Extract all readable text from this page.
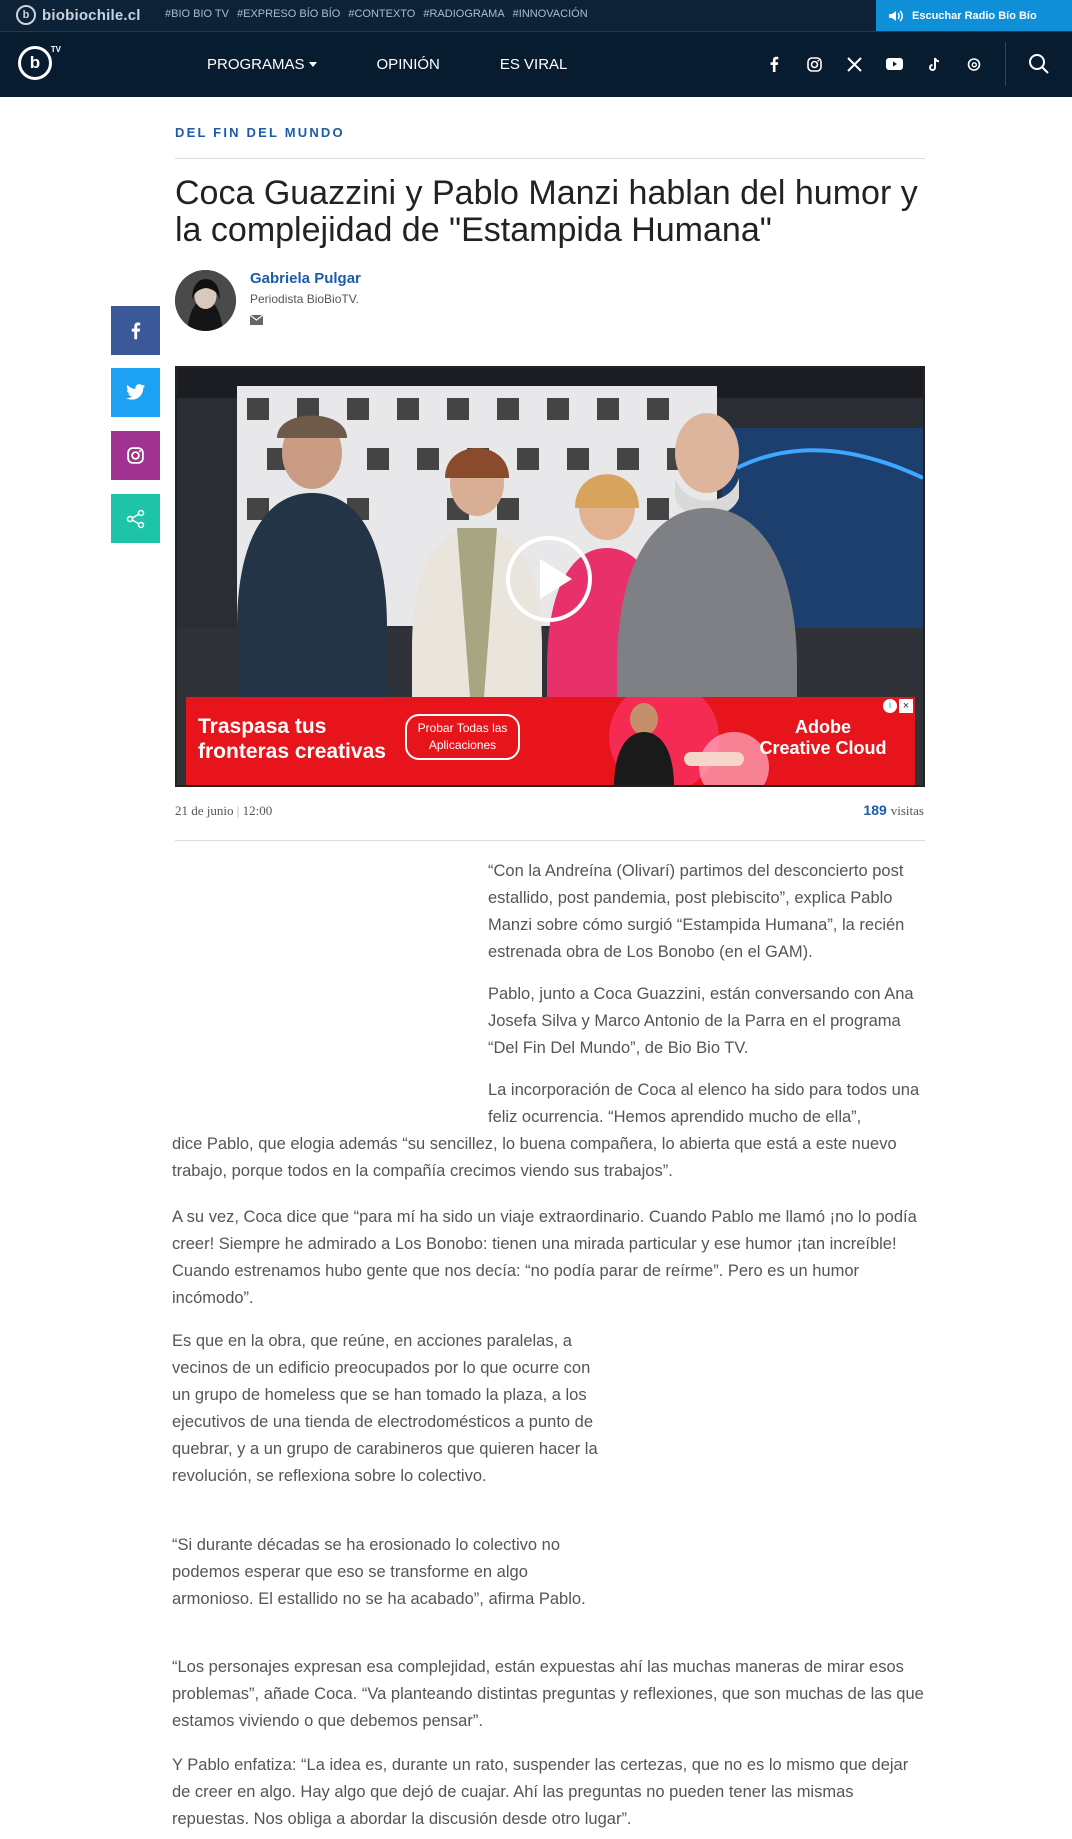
b biobiochile.cl #BIO BIO TV #EXPRESO BÍO BÍO #CONTEXTO #RADIOGRAMA #INNOVACIÓN	Escuchar Radio Bío Bío
b
$^{TV}$
PROGRAMAS	OPINIÓN	ES VIRAL
DEL FIN DEL MUNDO
Coca Guazzini y Pablo Manzi hablan del humor y la complejidad de "Estampida Humana"
Gabriela Pulgar
Periodista BioBioTV.
Traspasa tus
fronteras creativas
Probar Todas las Aplicaciones
Adobe
Creative Cloud
i	×
21 de junio | 12:00	189 visitas

“Con la Andreína (Olivarí) partimos del desconcierto post estallido, post pandemia, post plebiscito”, explica Pablo Manzi sobre cómo surgió “Estampida Humana”, la recién estrenada obra de Los Bonobo (en el GAM).

Pablo, junto a Coca Guazzini, están conversando con Ana Josefa Silva y Marco Antonio de la Parra en el programa “Del Fin Del Mundo”, de Bio Bio TV.

La incorporación de Coca al elenco ha sido para todos una feliz ocurrencia. “Hemos aprendido mucho de ella”,

dice Pablo, que elogia además “su sencillez, lo buena compañera, lo abierta que está a este nuevo trabajo, porque todos en la compañía crecimos viendo sus trabajos”.

A su vez, Coca dice que “para mí ha sido un viaje extraordinario. Cuando Pablo me llamó ¡no lo podía creer! Siempre he admirado a Los Bonobo: tienen una mirada particular y ese humor ¡tan increíble! Cuando estrenamos hubo gente que nos decía: “no podía parar de reírme”. Pero es un humor incómodo”.

Es que en la obra, que reúne, en acciones paralelas, a vecinos de un edificio preocupados por lo que ocurre con un grupo de homeless que se han tomado la plaza, a los ejecutivos de una tienda de electrodomésticos a punto de quebrar, y a un grupo de carabineros que quieren hacer la revolución, se reflexiona sobre lo colectivo.

“Si durante décadas se ha erosionado lo colectivo no podemos esperar que eso se transforme en algo armonioso. El estallido no se ha acabado”, afirma Pablo.

“Los personajes expresan esa complejidad, están expuestas ahí las muchas maneras de mirar esos problemas”, añade Coca. “Va planteando distintas preguntas y reflexiones, que son muchas de las que estamos viviendo o que debemos pensar”.

Y Pablo enfatiza: “La idea es, durante un rato, suspender las certezas, que no es lo mismo que dejar de creer en algo. Hay algo que dejó de cuajar. Ahí las preguntas no pueden tener las mismas repuestas. Nos obliga a abordar la discusión desde otro lugar”.
